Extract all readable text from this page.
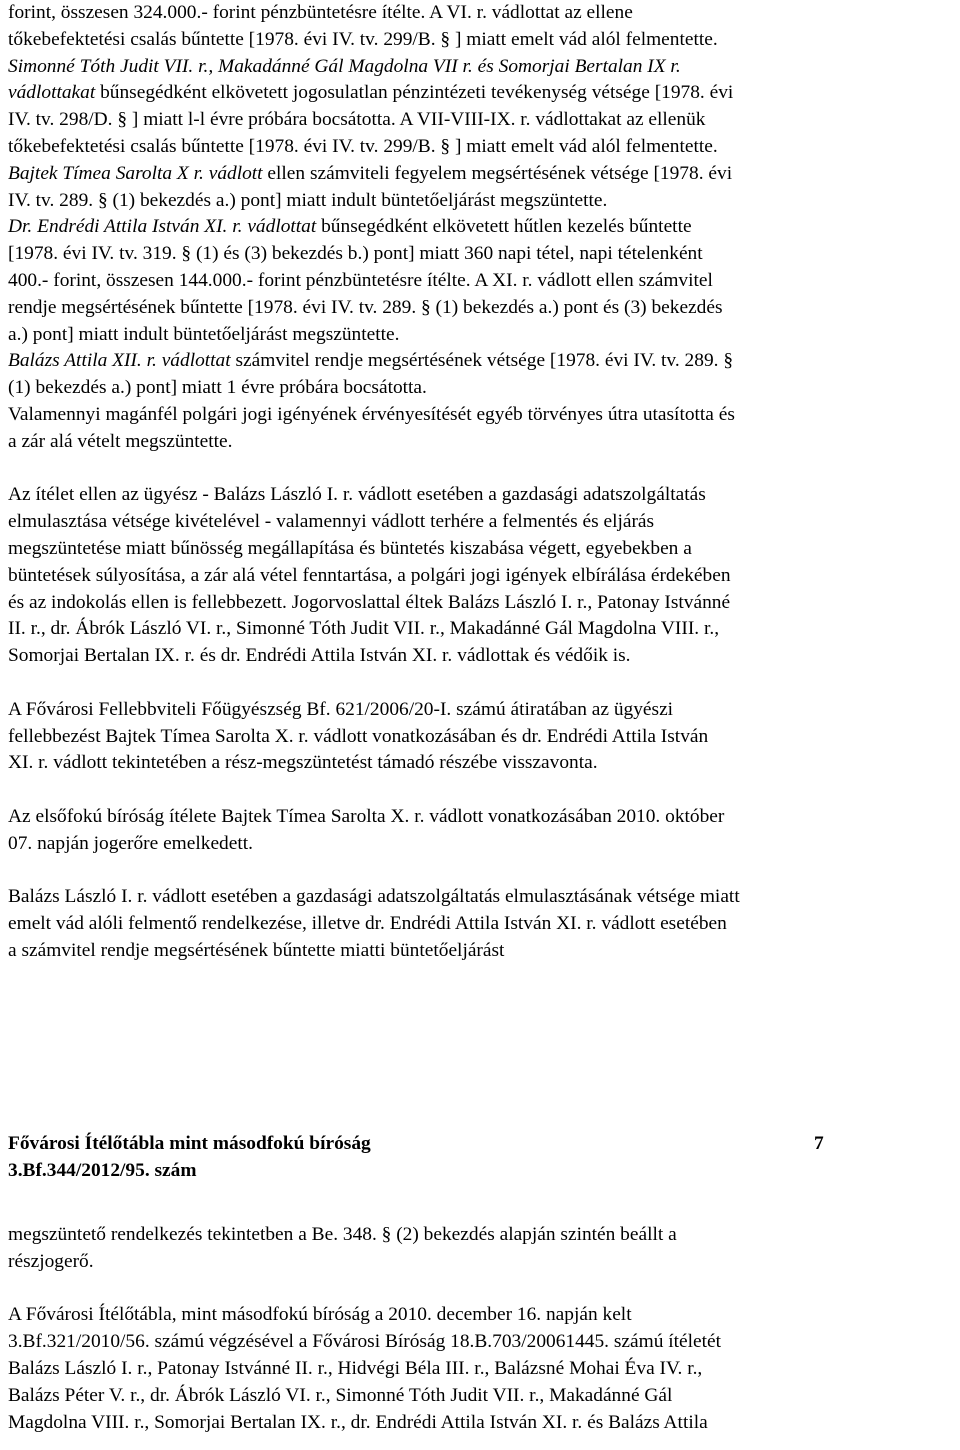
forint, összesen 324.000.- forint pénzbüntetésre ítélte. A VI. r. vádlottat az ellene
tőkebefektetési csalás bűntette [1978. évi IV. tv. 299/B. § ] miatt emelt vád alól felmentette.
Simonné Tóth Judit VII. r., Makadánné Gál Magdolna VII r. és Somorjai Bertalan IX r.
vádlottakat bűnsegédként elkövetett jogosulatlan pénzintézeti tevékenység vétsége [1978. évi
IV. tv. 298/D. § ] miatt l-l évre próbára bocsátotta. A VII-VIII-IX. r. vádlottakat az ellenük
tőkebefektetési csalás bűntette [1978. évi IV. tv. 299/B. § ] miatt emelt vád alól felmentette.
Bajtek Tímea Sarolta X r. vádlott ellen számviteli fegyelem megsértésének vétsége [1978. évi
IV. tv. 289. § (1) bekezdés a.) pont] miatt indult büntetőeljárást megszüntette.
Dr. Endrédi Attila István XI. r. vádlottat bűnsegédként elkövetett hűtlen kezelés bűntette
[1978. évi IV. tv. 319. § (1) és (3) bekezdés b.) pont] miatt 360 napi tétel, napi tételenként
400.- forint, összesen 144.000.- forint pénzbüntetésre ítélte. A XI. r. vádlott ellen számvitel
rendje megsértésének bűntette [1978. évi IV. tv. 289. § (1) bekezdés a.) pont és (3) bekezdés
a.) pont] miatt indult büntetőeljárást megszüntette.
Balázs Attila XII. r. vádlottat számvitel rendje megsértésének vétsége [1978. évi IV. tv. 289. §
(1) bekezdés a.) pont] miatt 1 évre próbára bocsátotta.
Valamennyi magánfél polgári jogi igényének érvényesítését egyéb törvényes útra utasította és
a zár alá vételt megszüntette.

Az ítélet ellen az ügyész - Balázs László I. r. vádlott esetében a gazdasági adatszolgáltatás
elmulasztása vétsége kivételével - valamennyi vádlott terhére a felmentés és eljárás
megszüntetése miatt bűnösség megállapítása és büntetés kiszabása végett, egyebekben a
büntetések súlyosítása, a zár alá vétel fenntartása, a polgári jogi igények elbírálása érdekében
és az indokolás ellen is fellebbezett. Jogorvoslattal éltek Balázs László I. r., Patonay Istvánné
II. r., dr. Ábrók László VI. r., Simonné Tóth Judit VII. r., Makadánné Gál Magdolna VIII. r.,
Somorjai Bertalan IX. r. és dr. Endrédi Attila István XI. r. vádlottak és védőik is.

A Fővárosi Fellebbviteli Főügyészség Bf. 621/2006/20-I. számú átiratában az ügyészi
fellebbezést Bajtek Tímea Sarolta X. r. vádlott vonatkozásában és dr. Endrédi Attila István
XI. r. vádlott tekintetében a rész-megszüntetést támadó részébe visszavonta.

Az elsőfokú bíróság ítélete Bajtek Tímea Sarolta X. r. vádlott vonatkozásában 2010. október
07. napján jogerőre emelkedett.

Balázs László I. r. vádlott esetében a gazdasági adatszolgáltatás elmulasztásának vétsége miatt
emelt vád alóli felmentő rendelkezése, illetve dr. Endrédi Attila István XI. r. vádlott esetében
a számvitel rendje megsértésének bűntette miatti büntetőeljárást

Fővárosi Ítélőtábla mint másodfokú bíróság	7
3.Bf.344/2012/95. szám

megszüntető rendelkezés tekintetben a Be. 348. § (2) bekezdés alapján szintén beállt a
részjogerő.

A Fővárosi Ítélőtábla, mint másodfokú bíróság a 2010. december 16. napján kelt
3.Bf.321/2010/56. számú végzésével a Fővárosi Bíróság 18.B.703/20061445. számú ítéletét
Balázs László I. r., Patonay Istvánné II. r., Hidvégi Béla III. r., Balázsné Mohai Éva IV. r.,
Balázs Péter V. r., dr. Ábrók László VI. r., Simonné Tóth Judit VII. r., Makadánné Gál
Magdolna VIII. r., Somorjai Bertalan IX. r., dr. Endrédi Attila István XI. r. és Balázs Attila
